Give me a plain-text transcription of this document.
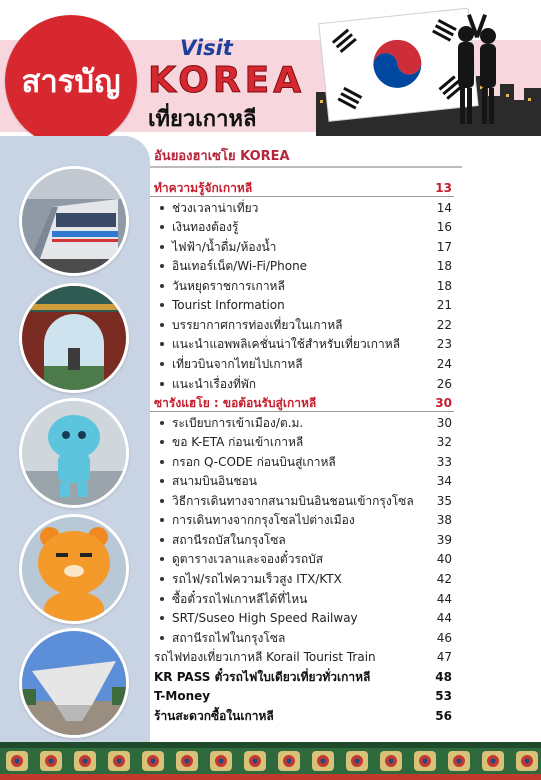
สารบัญ
Visit
KOREA
เที่ยวเกาหลี
อันยองฮาเซโย KOREA
ทำความรู้จักเกาหลี	13
ช่วงเวลาน่าเที่ยว	14
เงินทองต้องรู้	16
ไฟฟ้า/น้ำดื่ม/ห้องน้ำ	17
อินเทอร์เน็ต/Wi-Fi/Phone	18
วันหยุดราชการเกาหลี	18
Tourist Information	21
บรรยากาศการท่องเที่ยวในเกาหลี	22
แนะนำแอพพลิเคชั่นน่าใช้สำหรับเที่ยวเกาหลี	23
เที่ยวบินจากไทยไปเกาหลี	24
แนะนำเรื่องที่พัก	26
ซารังแฮโย : ขอต้อนรับสู่เกาหลี	30
ระเบียบการเข้าเมือง/ต.ม.	30
ขอ K-ETA ก่อนเข้าเกาหลี	32
กรอก Q-CODE ก่อนบินสู่เกาหลี	33
สนามบินอินชอน	34
วิธีการเดินทางจากสนามบินอินชอนเข้ากรุงโซล 35
การเดินทางจากกรุงโซลไปต่างเมือง	38
สถานีรถบัสในกรุงโซล	39
ดูตารางเวลาและจองตั๋วรถบัส	40
รถไฟ/รถไฟความเร็วสูง ITX/KTX	42
ซื้อตั๋วรถไฟเกาหลีได้ที่ไหน	44
SRT/Suseo High Speed Railway	44
สถานีรถไฟในกรุงโซล	46
รถไฟท่องเที่ยวเกาหลี Korail Tourist Train	47
KR PASS ตั๋วรถไฟใบเดียวเที่ยวทั่วเกาหลี	48
T-Money	53
ร้านสะดวกซื้อในเกาหลี	56
